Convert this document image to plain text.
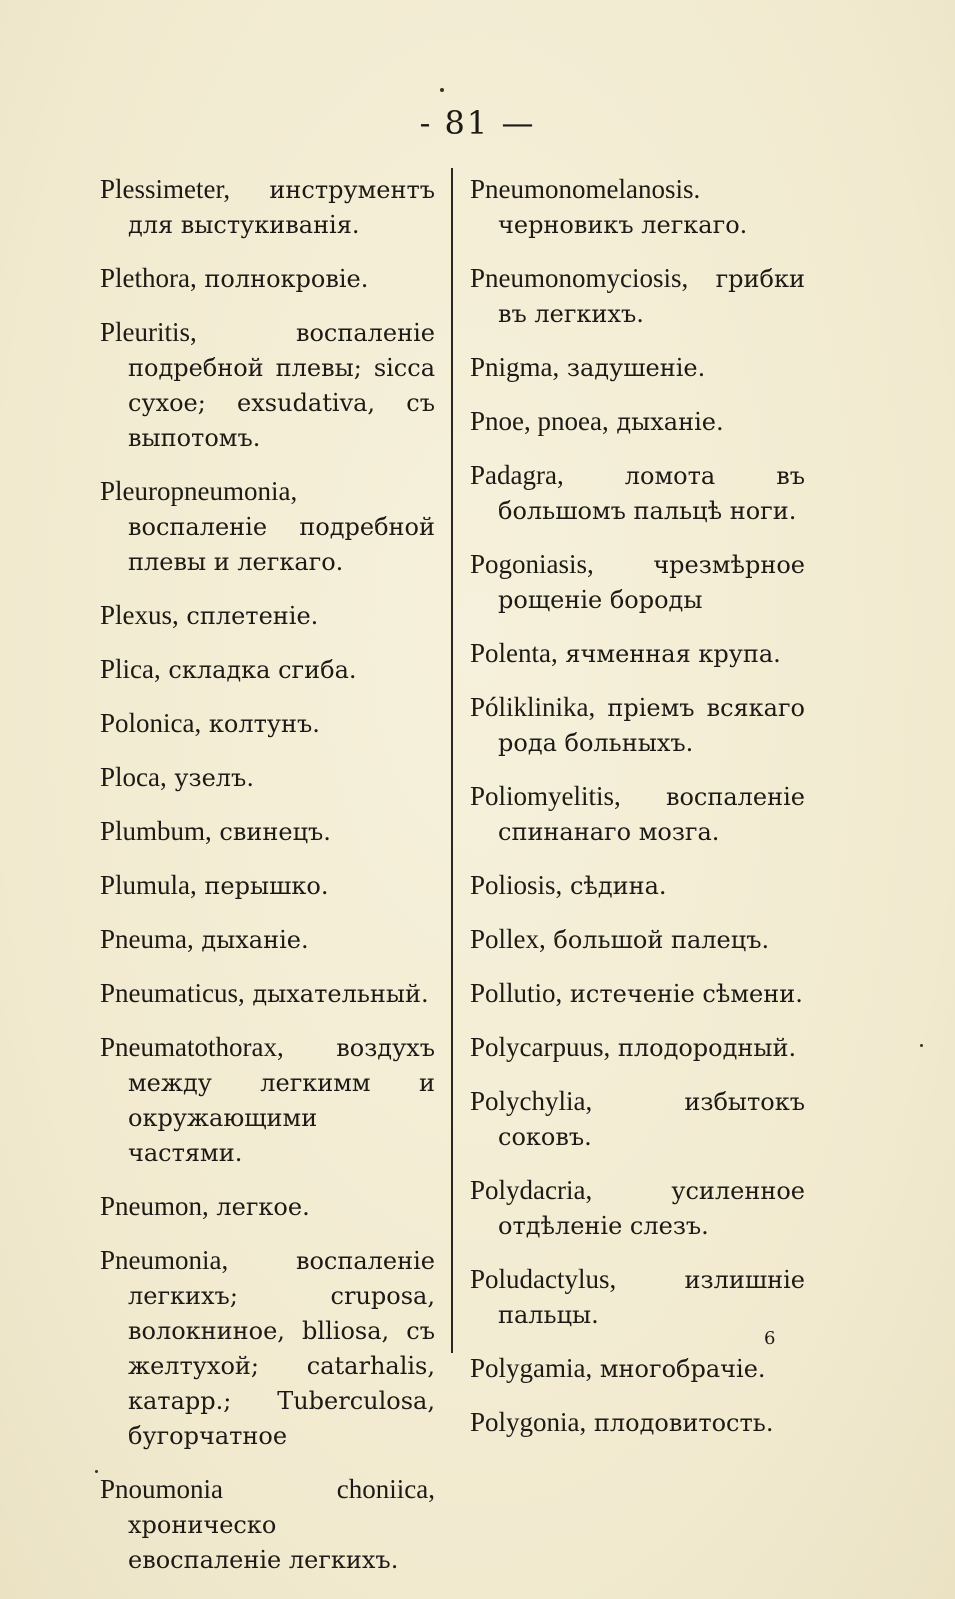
- 81 —
Plessimeter, инструментъ для выстукиванія.
Plethora, полнокровіе.
Pleuritis,	воспаленіе подребной плевы; sicca сухое; exsudativa, съ выпотомъ.
Pleuropneumonia, воспаленіе подребной плевы и легкаго.
Plexus, сплетеніе.
Plica, складка сгиба.
Polonica, колтунъ.
Ploca, узелъ.
Plumbum, свинецъ.
Plumula, перышко.
Pneuma, дыханіе.
Pneumaticus, дыхательный.
Pneumatothorax, воздухъ между легкимм и окружающими частями.
Pneumon, легкое.
Pneumonia,	воспаленіе легкихъ; cruposa, волокниное, blliosa, съ желтухой; catarhalis, катарр.; Tuberculosa, бугорчатное
Pnoumonia choniica, хроническо евоспаленіе легкихъ.
Pneumonomelanosis. черновикъ легкаго.
Pneumonomyciosis, грибки въ легкихъ.
Pnigma, задушеніе.
Pnoe, pnoea, дыханіе.
Padagra,	ломота въ большомъ пальцѣ ноги.
Pogoniasis, чрезмѣрное рощеніе бороды
Polenta, ячменная крупа.
Póliklinika, пріемъ всякаго рода больныхъ.
Poliomyelitis, воспаленіе спинанаго мозга.
Poliosis, сѣдина.
Pollex, большой палецъ.
Pollutio, истеченіе сѣмени.
Polycarpuus, плодородный.
Polychylia,	избытокъ соковъ.
Polydacria,	усиленное отдѣленіе слезъ.
Poludactylus,	излишніе пальцы.
Polygamia, многобрачіе.
Polygonia, плодовитость.
6
